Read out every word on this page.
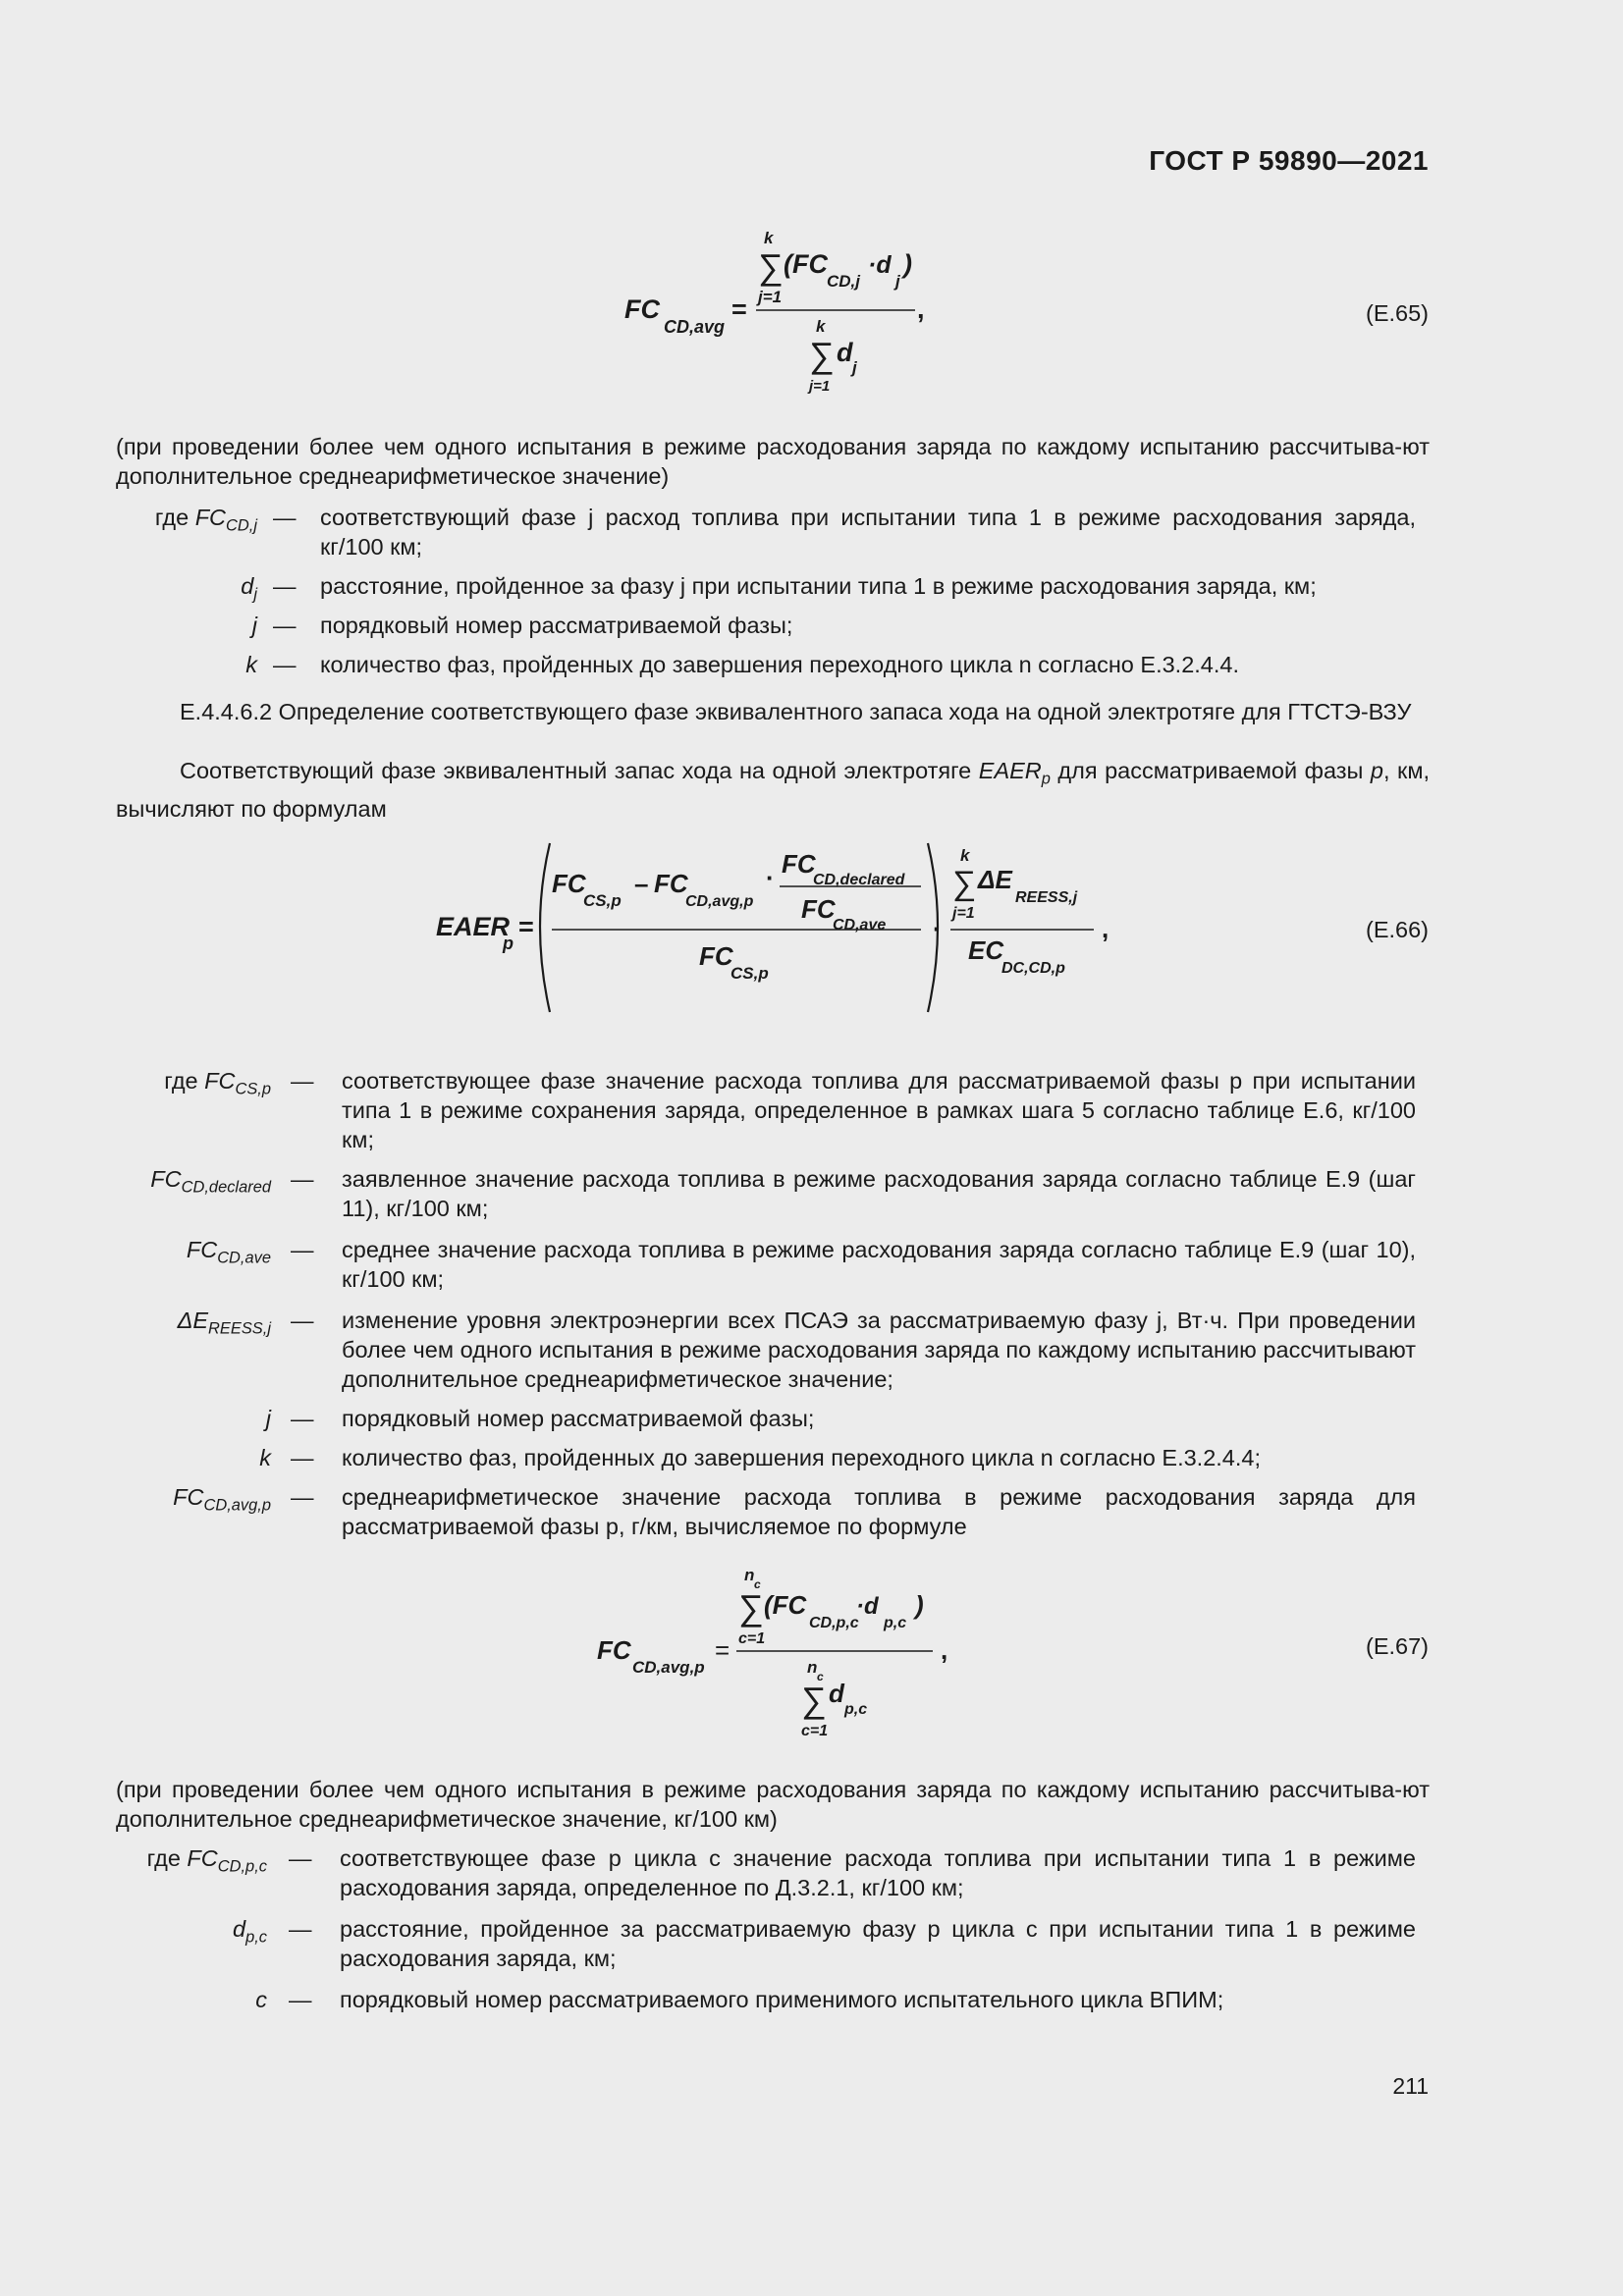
ГОСТ Р 59890—2021
FC
CD,avg
=
k
∑
j=1
(FC
CD,j
·d
j
)
,
k
∑
j=1
d
j
(Е.65)
(при проведении более чем одного испытания в режиме расходования заряда по каждому испытанию рассчитыва-ют дополнительное среднеарифметическое значение)
где $FC_{CD,j}$ — соответствующий фазе j расход топлива при испытании типа 1 в режиме расходования заряда, кг/100 км;
$d_j$ — расстояние, пройденное за фазу j при испытании типа 1 в режиме расходования заряда, км;
j — порядковый номер рассматриваемой фазы;
k — количество фаз, пройденных до завершения переходного цикла n согласно Е.3.2.4.4.
Е.4.4.6.2 Определение соответствующего фазе эквивалентного запаса хода на одной электротяге для ГТСТЭ-ВЗУ
Соответствующий фазе эквивалентный запас хода на одной электротяге $EAER_p$ для рассматриваемой фазы p, км, вычисляют по формулам
EAER
p
=
FC
CS,p
– FC
CD,avg,p
· FC
CD,declared
FC
CD,ave
FC
CS,p
·
k
∑
j=1
ΔE
REESS,j
EC
DC,CD,p
,	(Е.66)
где $FC_{CS,p}$ — соответствующее фазе значение расхода топлива для рассматриваемой фазы p при испытании типа 1 в режиме сохранения заряда, определенное в рамках шага 5 согласно таблице Е.6, кг/100 км;
$FC_{CD,declared}$ — заявленное значение расхода топлива в режиме расходования заряда согласно таблице Е.9 (шаг 11), кг/100 км;
$FC_{CD,ave}$ — среднее значение расхода топлива в режиме расходования заряда согласно таблице Е.9 (шаг 10), кг/100 км;
$\Delta E_{REESS,j}$ — изменение уровня электроэнергии всех ПСАЭ за рассматриваемую фазу j, Вт·ч. При проведении более чем одного испытания в режиме расходования заряда по каждому испытанию рассчитывают дополнительное среднеарифметическое значение;
j — порядковый номер рассматриваемой фазы;
k — количество фаз, пройденных до завершения переходного цикла n согласно Е.3.2.4.4;
$FC_{CD,avg,p}$ — среднеарифметическое значение расхода топлива в режиме расходования заряда для рассматриваемой фазы p, г/км, вычисляемое по формуле
FC
CD,avg,p
=
n c
∑
c=1
(FC
CD,p,c
·d
p,c
)
,
n c
∑
c=1
d
p,c
(Е.67)
(при проведении более чем одного испытания в режиме расходования заряда по каждому испытанию рассчитыва-ют дополнительное среднеарифметическое значение, кг/100 км)
где $FC_{CD,p,c}$ — соответствующее фазе p цикла c значение расхода топлива при испытании типа 1 в режиме расходования заряда, определенное по Д.3.2.1, кг/100 км;
$d_{p,c}$ — расстояние, пройденное за рассматриваемую фазу p цикла c при испытании типа 1 в режиме расходования заряда, км;
c — порядковый номер рассматриваемого применимого испытательного цикла ВПИМ;
211
